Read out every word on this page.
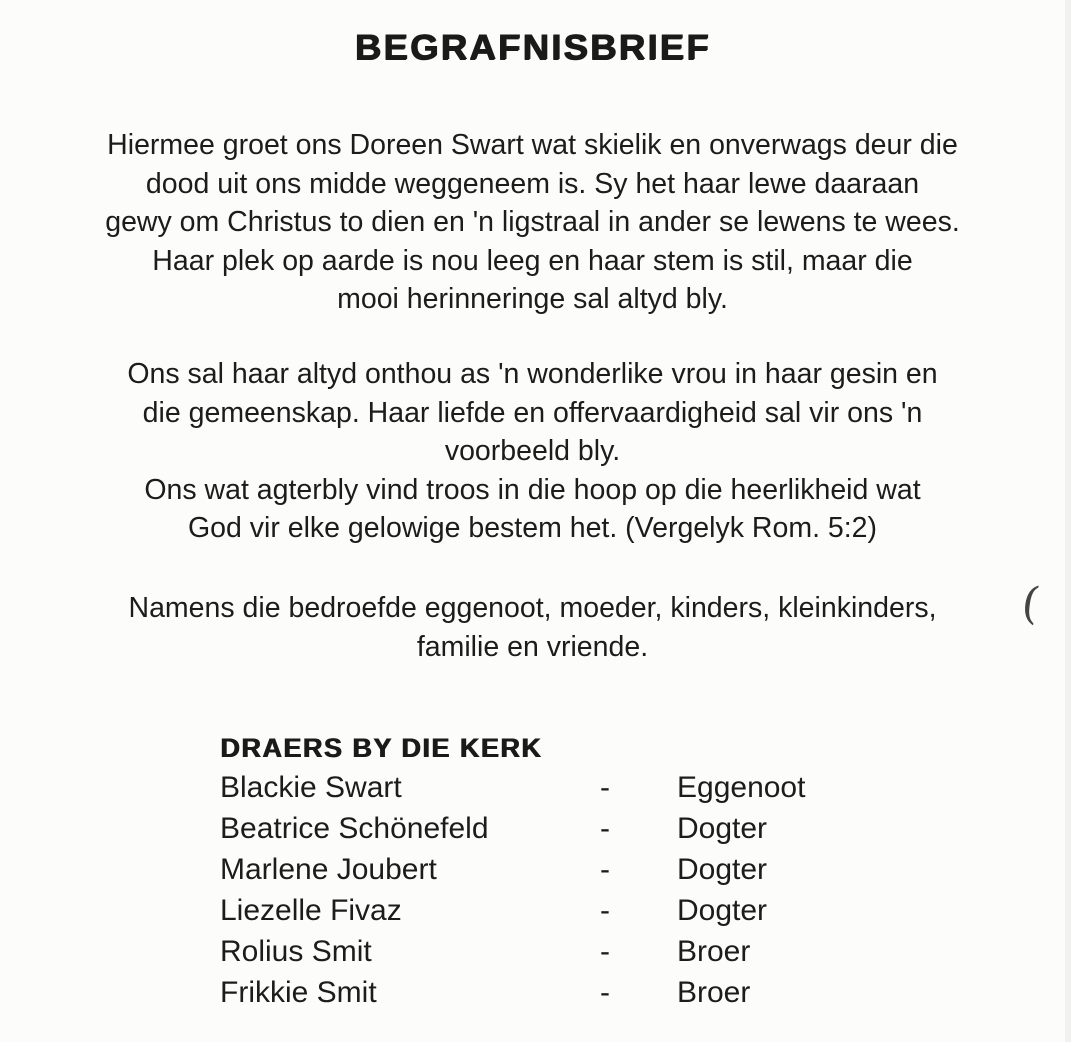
BEGRAFNISBRIEF
Hiermee groet ons Doreen Swart wat skielik en onverwags deur die
dood uit ons midde weggeneem is. Sy het haar lewe daaraan
gewy om Christus to dien en 'n ligstraal in ander se lewens te wees.
Haar plek op aarde is nou leeg en haar stem is stil, maar die
mooi herinneringe sal altyd bly.
Ons sal haar altyd onthou as 'n wonderlike vrou in haar gesin en
die gemeenskap. Haar liefde en offervaardigheid sal vir ons 'n
voorbeeld bly.
Ons wat agterbly vind troos in die hoop op die heerlikheid wat
God vir elke gelowige bestem het. (Vergelyk Rom. 5:2)
Namens die bedroefde eggenoot, moeder, kinders, kleinkinders,
familie en vriende.
(
DRAERS BY DIE KERK
Blackie Swart	- Eggenoot
Beatrice Schönefeld	- Dogter
Marlene Joubert	- Dogter
Liezelle Fivaz	- Dogter
Rolius Smit	- Broer
Frikkie Smit	- Broer
